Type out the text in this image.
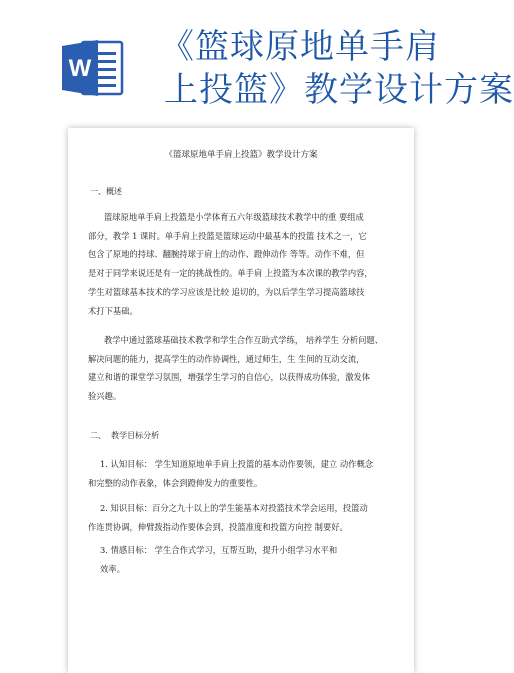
W
《篮球原地单手肩
上投篮》教学设计方案
《篮球原地单手肩上投篮》教学设计方案
一、概述
篮球原地单手肩上投篮是小学体育五六年级篮球技术教学中的重 要组成
部分，教学 1 课时。单手肩上投篮是篮球运动中最基本的投篮 技术之一，它
包含了原地的持球、翻腕持球于肩上的动作、蹬伸动作 等等。动作不难，但
是对于同学来说还是有一定的挑战性的。单手肩 上投篮为本次课的教学内容，
学生对篮球基本技术的学习应该是比较 追切的，为以后学生学习提高篮球技
术打下基础。
教学中通过篮球基础技术教学和学生合作互助式学练， 培养学生 分析问题、
解决问题的能力，提高学生的动作协调性，通过师生，生 生间的互动交流，
建立和谐的课堂学习氛围，增强学生学习的自信心，以获得成功体验，激发体
验兴趣。
二、  教学目标分析
1. 认知目标： 学生知道原地单手肩上投篮的基本动作要领，建立 动作概念
和完整的动作表象，体会到蹬伸发力的重要性。
2. 知识目标：百分之九十以上的学生能基本对投篮技术学会运用，投篮动
作连贯协调，伸臂拨指动作要体会到，投篮准度和投篮方向控 制要好。
3. 情感目标： 学生合作式学习，互帮互助，提升小组学习水平和
效率。
